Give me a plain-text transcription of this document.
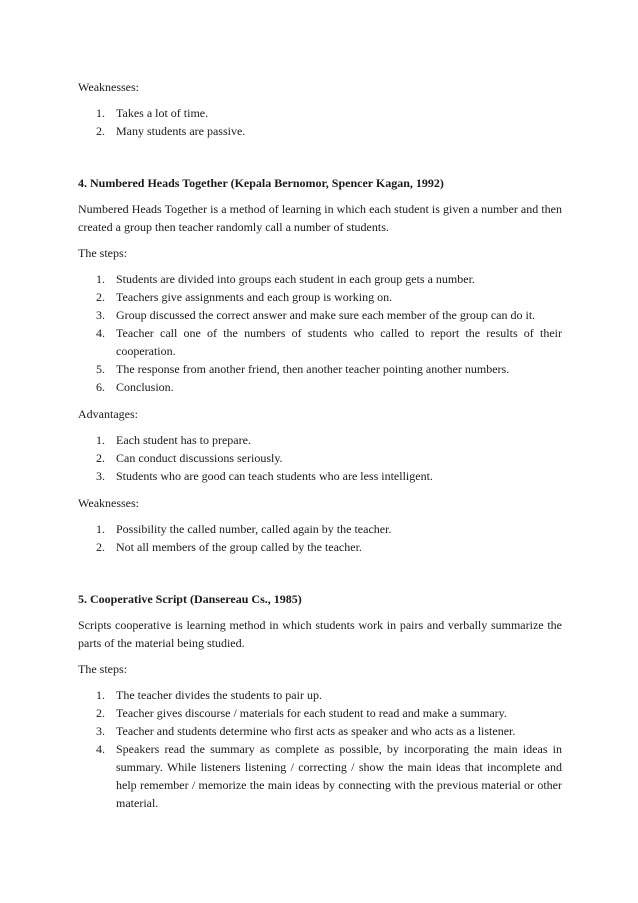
Weaknesses:

1. Takes a lot of time.
2. Many students are passive.

4. Numbered Heads Together (Kepala Bernomor, Spencer Kagan, 1992)

Numbered Heads Together is a method of learning in which each student is given a number and then created a group then teacher randomly call a number of students.

The steps:

1. Students are divided into groups each student in each group gets a number.
2. Teachers give assignments and each group is working on.
3. Group discussed the correct answer and make sure each member of the group can do it.
4. Teacher call one of the numbers of students who called to report the results of their cooperation.
5. The response from another friend, then another teacher pointing another numbers.
6. Conclusion.

Advantages:

1. Each student has to prepare.
2. Can conduct discussions seriously.
3. Students who are good can teach students who are less intelligent.

Weaknesses:

1. Possibility the called number, called again by the teacher.
2. Not all members of the group called by the teacher.

5. Cooperative Script (Dansereau Cs., 1985)

Scripts cooperative is learning method in which students work in pairs and verbally summarize the parts of the material being studied.

The steps:

1. The teacher divides the students to pair up.
2. Teacher gives discourse / materials for each student to read and make a summary.
3. Teacher and students determine who first acts as speaker and who acts as a listener.
4. Speakers read the summary as complete as possible, by incorporating the main ideas in summary. While listeners listening / correcting / show the main ideas that incomplete and help remember / memorize the main ideas by connecting with the previous material or other material.
